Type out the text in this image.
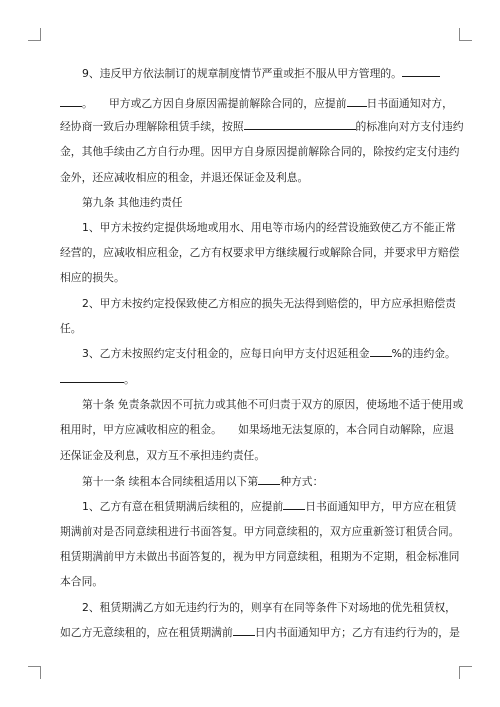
9、违反甲方依法制订的规章制度情节严重或拒不服从甲方管理的。
。　　甲方或乙方因自身原因需提前解除合同的，应提前 日书面通知对方，
经协商一致后办理解除租赁手续，按照	的标准向对方支付违约
金，其他手续由乙方自行办理。因甲方自身原因提前解除合同的，除按约定支付违约
金外，还应减收相应的租金，并退还保证金及利息。
第九条 其他违约责任
1、甲方未按约定提供场地或用水、用电等市场内的经营设施致使乙方不能正常
经营的，应减收相应租金，乙方有权要求甲方继续履行或解除合同，并要求甲方赔偿
相应的损失。
2、甲方未按约定投保致使乙方相应的损失无法得到赔偿的，甲方应承担赔偿责
任。
3、乙方未按照约定支付租金的，应每日向甲方支付迟延租金 %的违约金。
。
第十条 免责条款因不可抗力或其他不可归责于双方的原因，使场地不适于使用或
租用时，甲方应减收相应的租金。　　如果场地无法复原的，本合同自动解除，应退
还保证金及利息，双方互不承担违约责任。
第十一条 续租本合同续租适用以下第 种方式：
1、乙方有意在租赁期满后续租的，应提前 日书面通知甲方，甲方应在租赁
期满前对是否同意续租进行书面答复。甲方同意续租的，双方应重新签订租赁合同。
租赁期满前甲方未做出书面答复的，视为甲方同意续租，租期为不定期，租金标准同
本合同。
2、租赁期满乙方如无违约行为的，则享有在同等条件下对场地的优先租赁权，
如乙方无意续租的，应在租赁期满前 日内书面通知甲方；乙方有违约行为的，是
